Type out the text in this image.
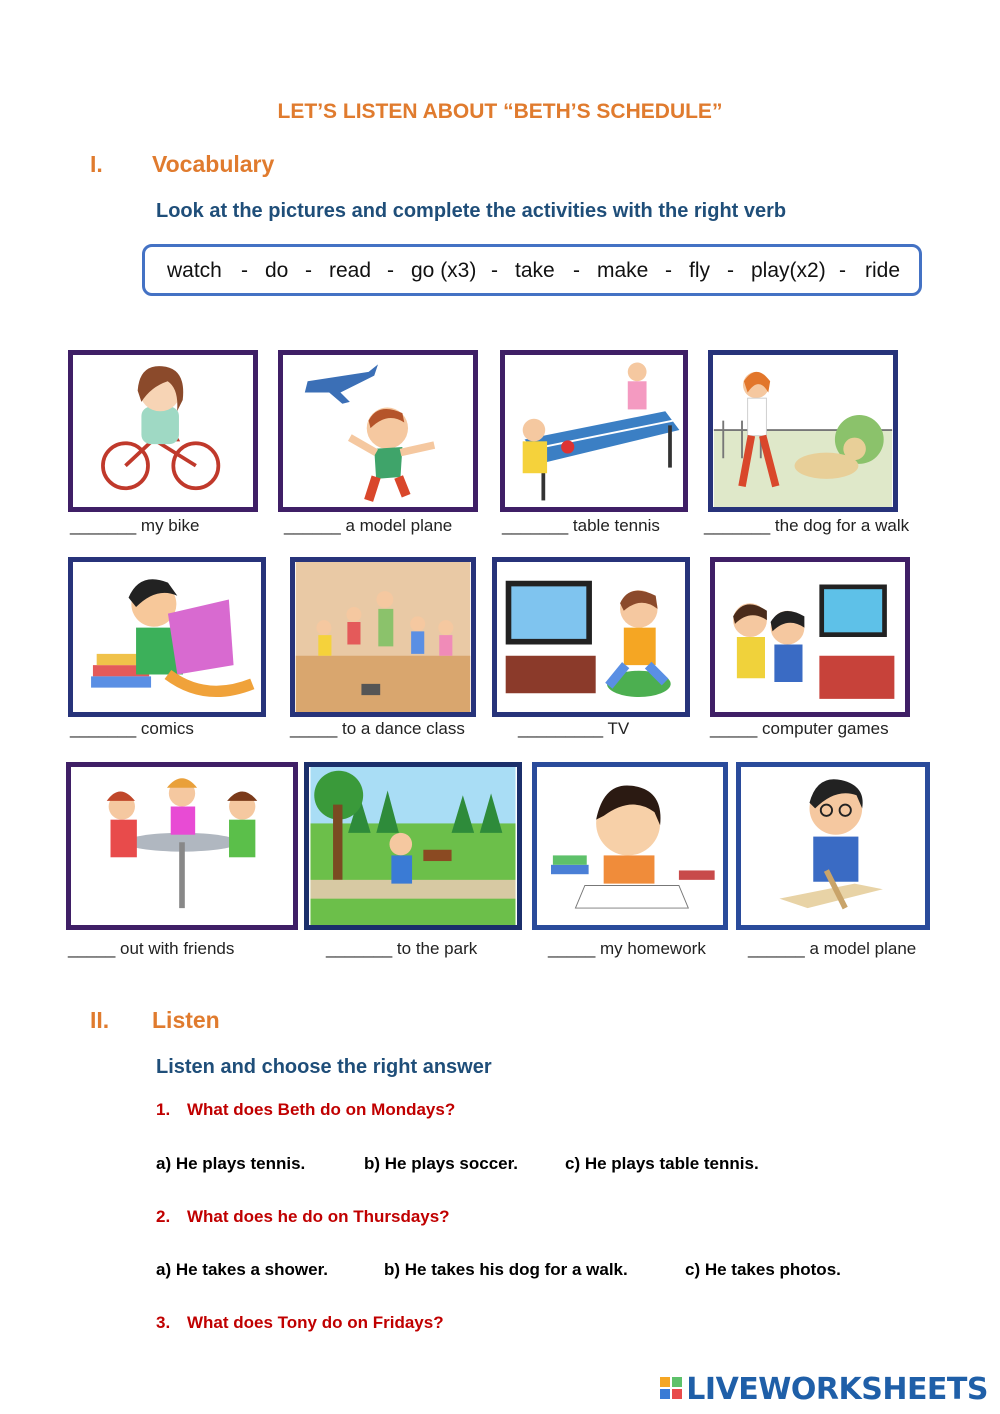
LET’S LISTEN ABOUT “BETH’S SCHEDULE”
I. Vocabulary
Look at the pictures and complete the activities with the right verb
watch - do - read - go (x3) - take - make - fly - play(x2) - ride
_______ my bike	______ a model plane	_______ table tennis	_______ the dog for a walk
_______ comics	_____ to a dance class	_________ TV	_____ computer games
_____ out with friends	_______ to the park	_____ my homework ______ a model plane
II. Listen
Listen and choose the right answer
1. What does Beth do on Mondays?
a) He plays tennis.	b) He plays soccer.	c) He plays table tennis.
2. What does he do on Thursdays?
a) He takes a shower.	b) He takes his dog for a walk.	c) He takes photos.
3. What does Tony do on Fridays?
LIVEWORKSHEETS
